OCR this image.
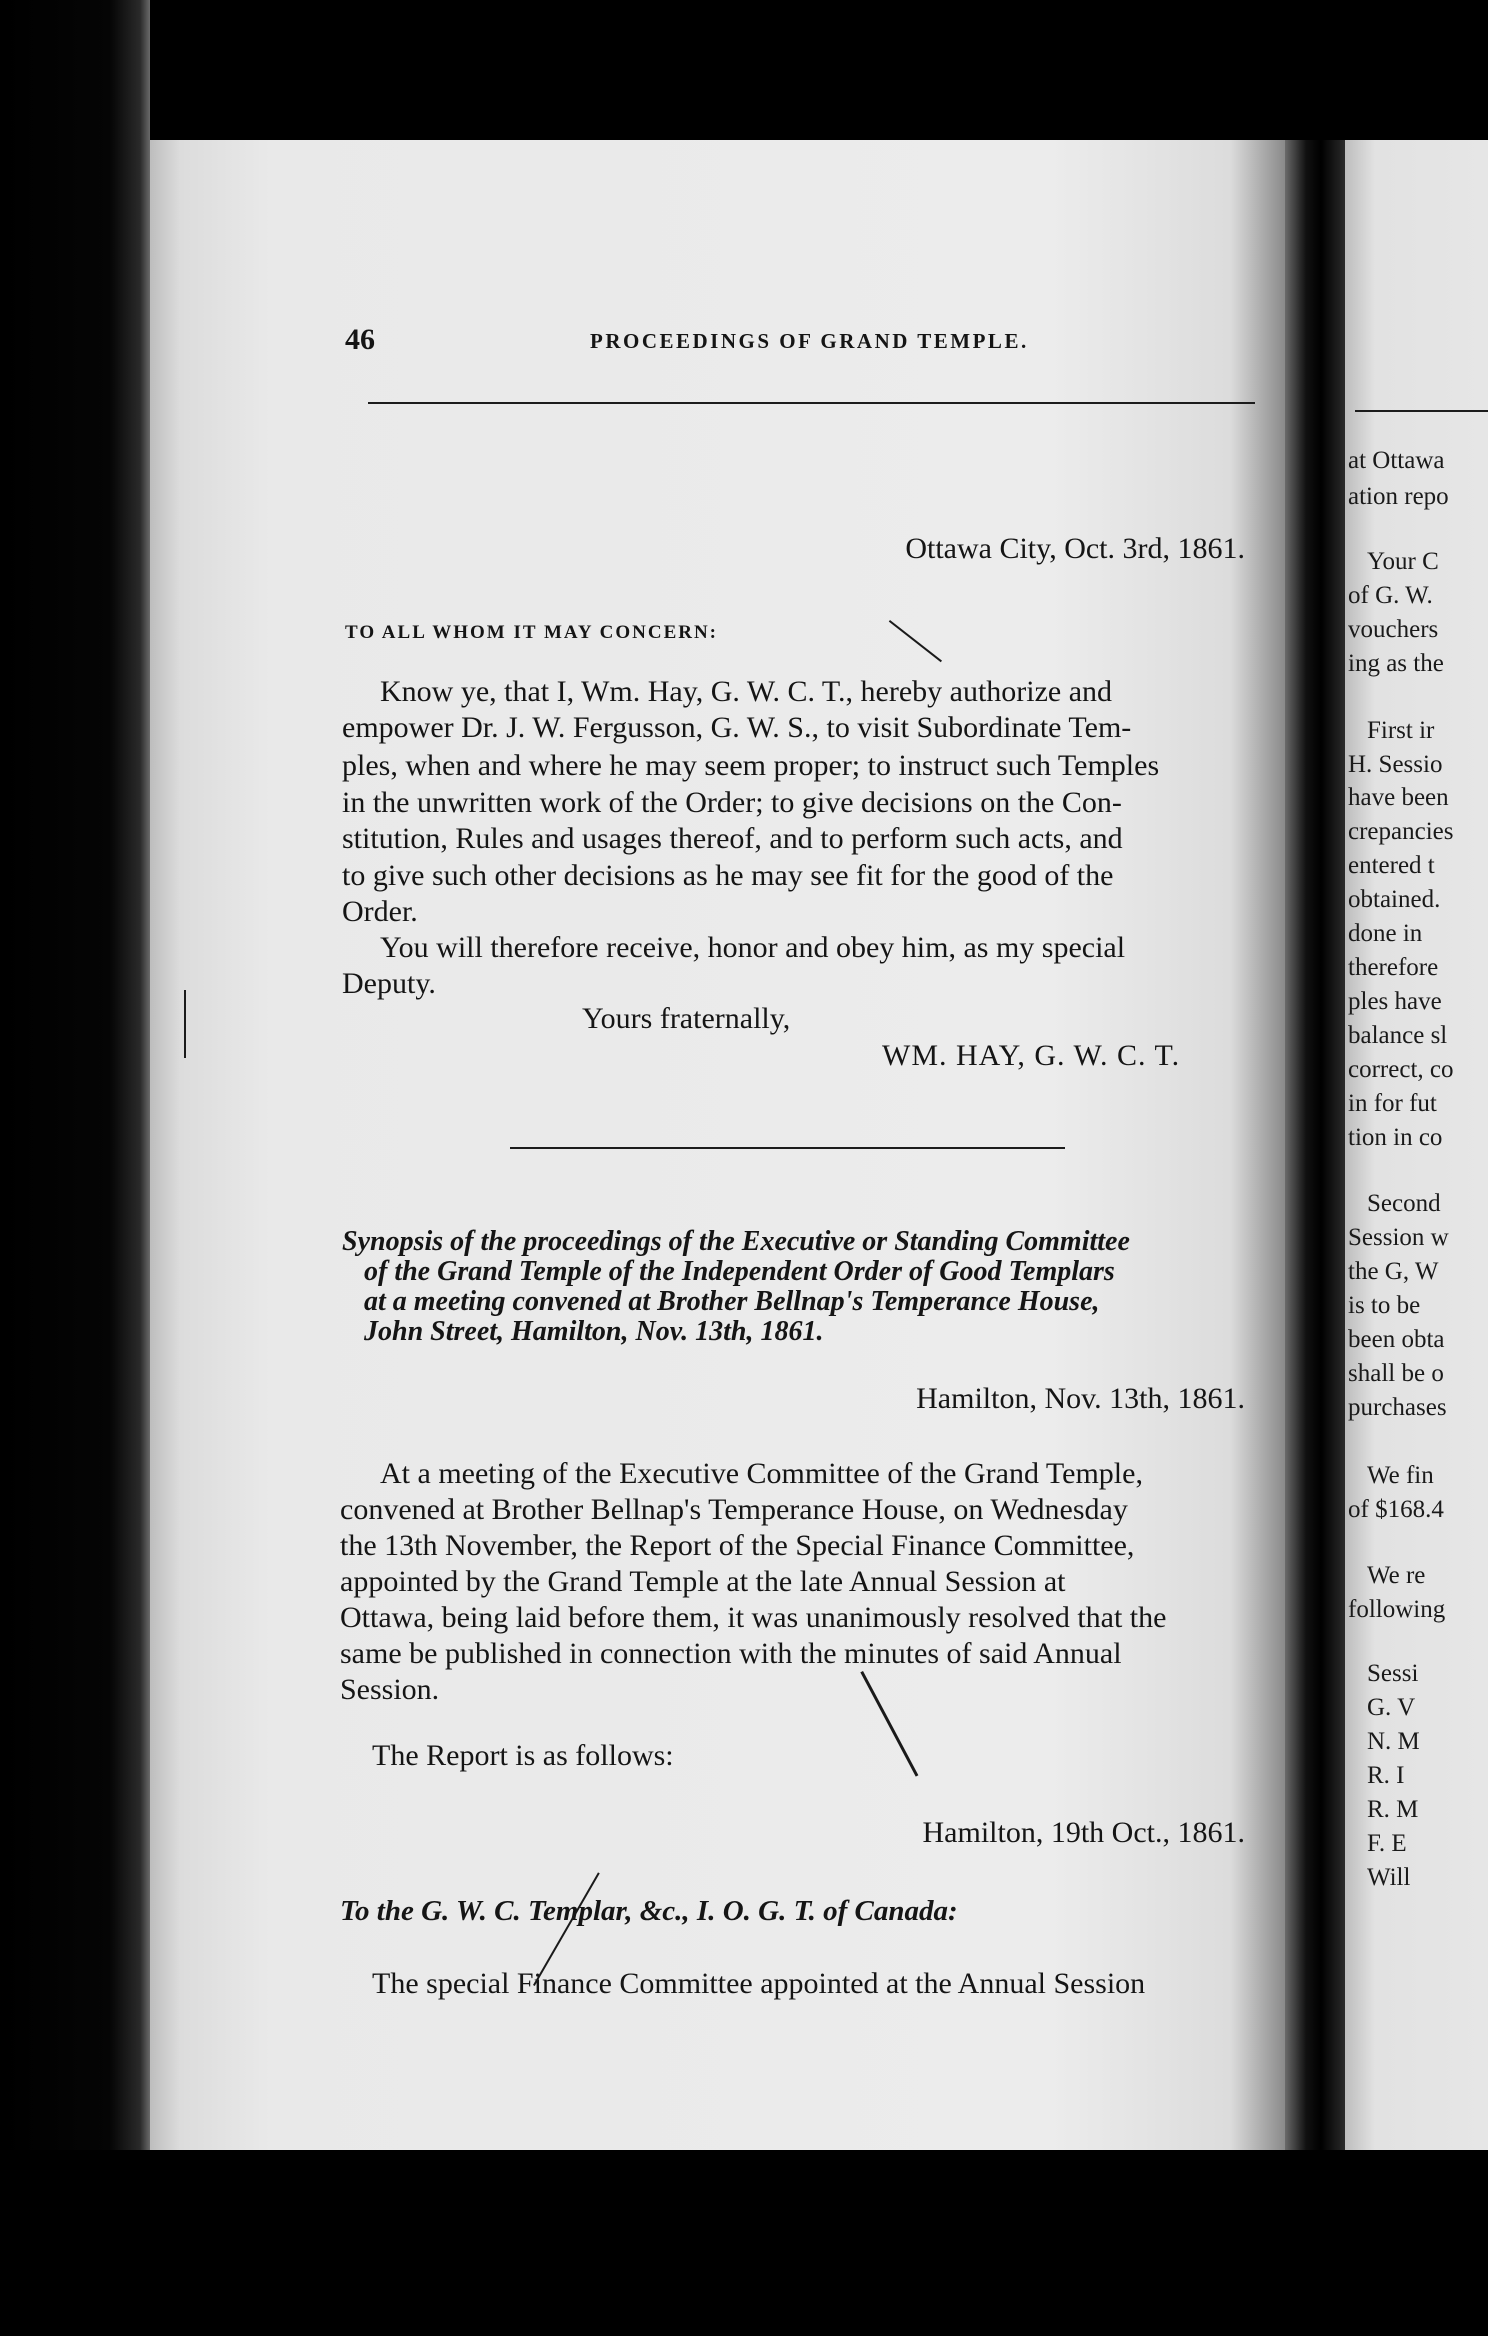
at Ottawa
ation repo
Your C
of G. W.
vouchers
ing as the
First ir
H. Sessio
have been
crepancies
entered t
obtained.
done in
therefore
ples have
balance sl
correct, co
in for fut
tion in co
Second
Session w
the G, W
is to be
been obta
shall be o
purchases
We fin
of $168.4
We re
following
Sessi
G. V
N. M
R. I
R. M
F. E
Will
46	PROCEEDINGS OF GRAND TEMPLE.
Ottawa City, Oct. 3rd, 1861.
TO ALL WHOM IT MAY CONCERN:
Know ye, that I, Wm. Hay, G. W. C. T., hereby authorize and
empower Dr. J. W. Fergusson, G. W. S., to visit Subordinate Tem-
ples, when and where he may seem proper; to instruct such Temples
in the unwritten work of the Order; to give decisions on the Con-
stitution, Rules and usages thereof, and to perform such acts, and
to give such other decisions as he may see fit for the good of the
Order.
You will therefore receive, honor and obey him, as my special
Deputy.
Yours fraternally,
WM. HAY, G. W. C. T.
Synopsis of the proceedings of the Executive or Standing Committee
of the Grand Temple of the Independent Order of Good Templars
at a meeting convened at Brother Bellnap's Temperance House,
John Street, Hamilton, Nov. 13th, 1861.
Hamilton, Nov. 13th, 1861.
At a meeting of the Executive Committee of the Grand Temple,
convened at Brother Bellnap's Temperance House, on Wednesday
the 13th November, the Report of the Special Finance Committee,
appointed by the Grand Temple at the late Annual Session at
Ottawa, being laid before them, it was unanimously resolved that the
same be published in connection with the minutes of said Annual
Session.
The Report is as follows:
Hamilton, 19th Oct., 1861.
To the G. W. C. Templar, &c., I. O. G. T. of Canada:
The special Finance Committee appointed at the Annual Session
